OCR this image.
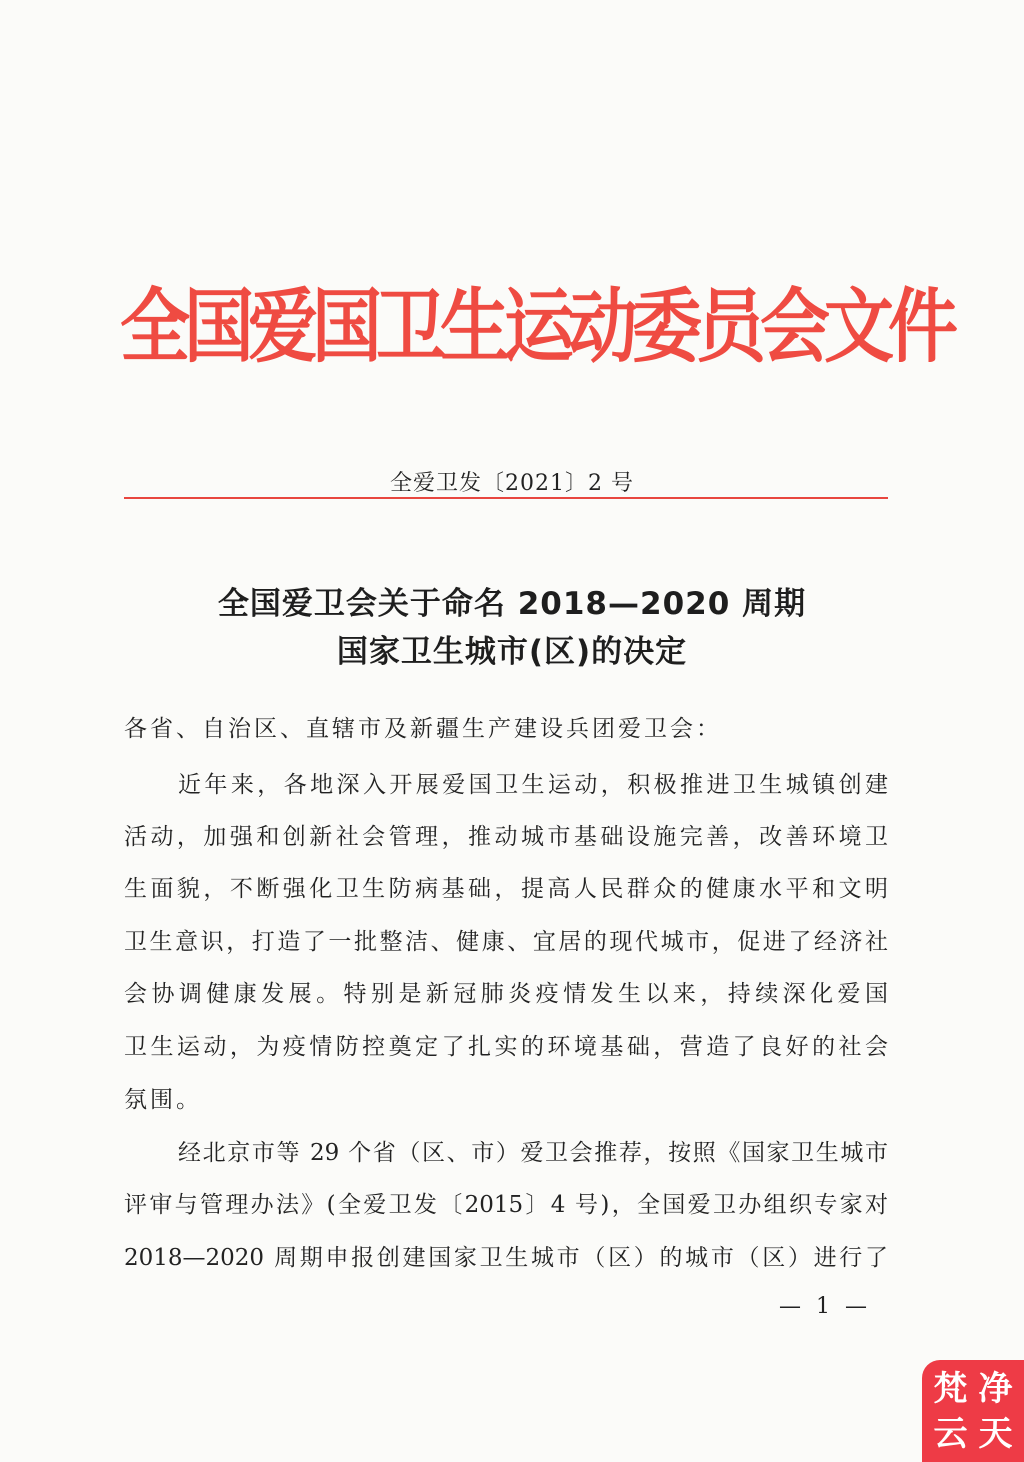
全国爱国卫生运动委员会文件
全爱卫发〔2021〕2 号
全国爱卫会关于命名 2018—2020 周期
国家卫生城市(区)的决定
各省、自治区、直辖市及新疆生产建设兵团爱卫会：
近年来，各地深入开展爱国卫生运动，积极推进卫生城镇创建
活动，加强和创新社会管理，推动城市基础设施完善，改善环境卫
生面貌，不断强化卫生防病基础，提高人民群众的健康水平和文明
卫生意识，打造了一批整洁、健康、宜居的现代城市，促进了经济社
会协调健康发展。特别是新冠肺炎疫情发生以来，持续深化爱国
卫生运动，为疫情防控奠定了扎实的环境基础，营造了良好的社会
氛围。
经北京市等 29 个省（区、市）爱卫会推荐，按照《国家卫生城市
评审与管理办法》(全爱卫发〔2015〕4 号)，全国爱卫办组织专家对
2018—2020 周期申报创建国家卫生城市（区）的城市（区）进行了
— 1 —
梵 净
云 天
